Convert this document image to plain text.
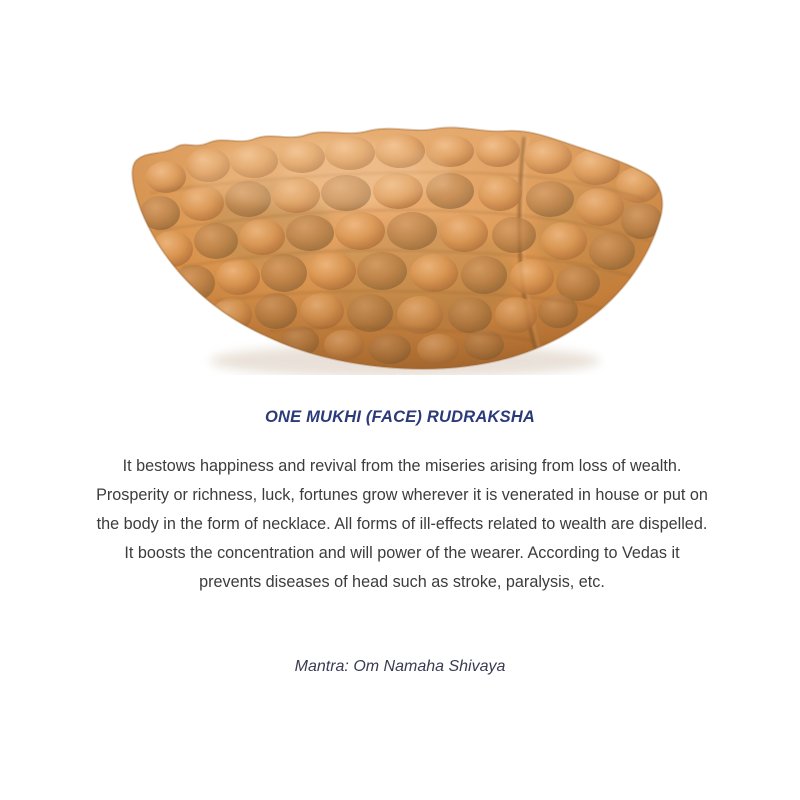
ONE MUKHI (FACE) RUDRAKSHA
It bestows happiness and revival from the miseries arising from loss of wealth. Prosperity or richness, luck, fortunes grow wherever it is venerated in house or put on the body in the form of necklace. All forms of ill-effects related to wealth are dispelled. It boosts the concentration and will power of the wearer. According to Vedas it prevents diseases of head such as stroke, paralysis, etc.
Mantra: Om Namaha Shivaya
